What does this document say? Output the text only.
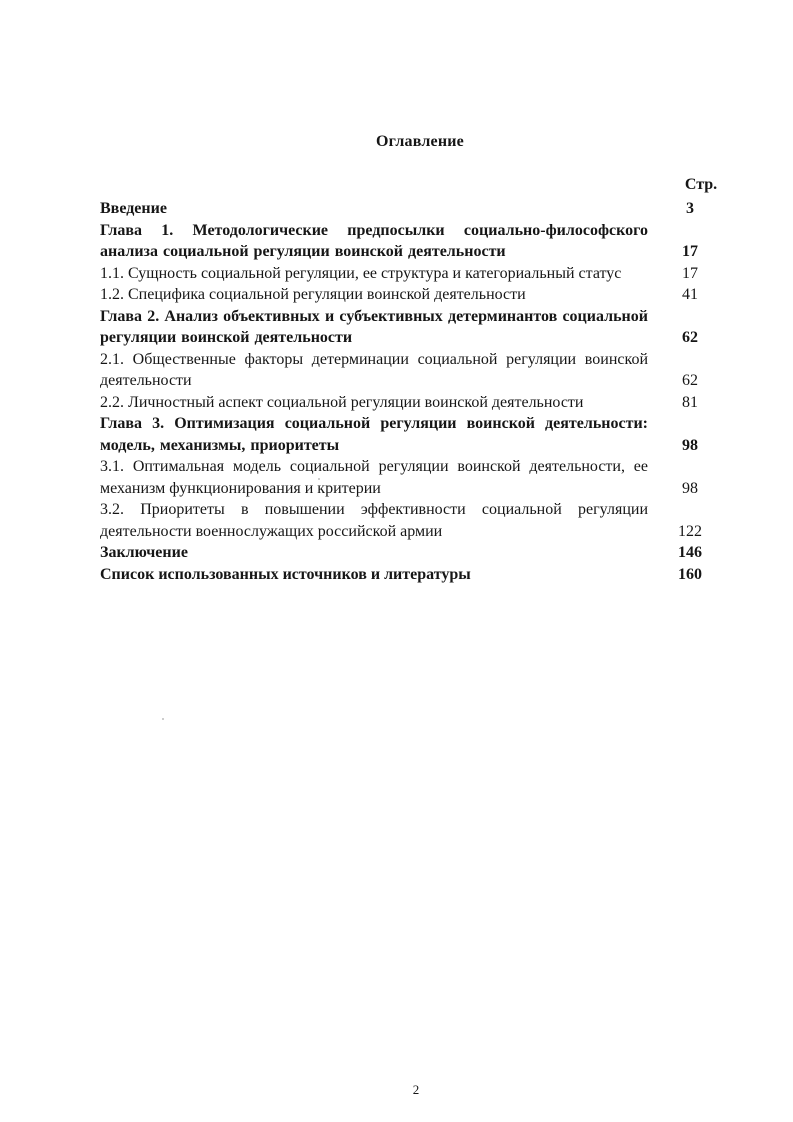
Оглавление
Стр.
Введение	3
Глава 1. Методологические предпосылки социально-философского анализа социальной регуляции воинской деятельности	17
1.1. Сущность социальной регуляции, ее структура и категориальный статус	17
1.2. Специфика социальной регуляции воинской деятельности	41
Глава 2. Анализ объективных и субъективных детерминантов социальной регуляции воинской деятельности	62
2.1. Общественные факторы детерминации социальной регуляции воинской деятельности	62
2.2. Личностный аспект социальной регуляции воинской деятельности	81
Глава 3. Оптимизация социальной регуляции воинской деятельности: модель, механизмы, приоритеты	98
3.1. Оптимальная модель социальной регуляции воинской деятельности, ее механизм функционирования и критерии	98
3.2. Приоритеты в повышении эффективности социальной регуляции деятельности военнослужащих российской армии	122
Заключение	146
Список использованных источников и литературы	160
2
